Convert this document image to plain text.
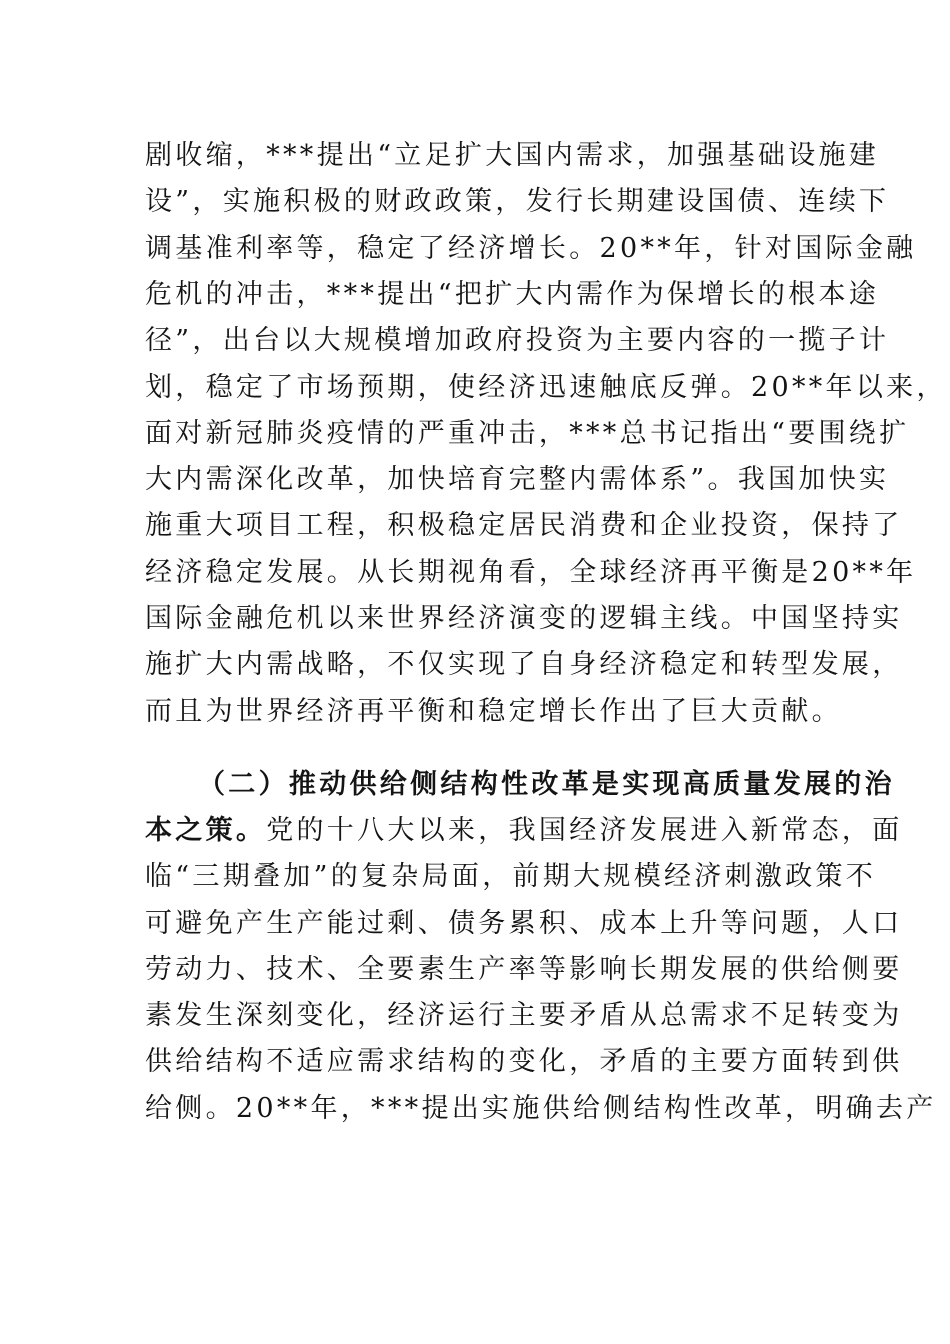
剧收缩，***提出“立足扩大国内需求，加强基础设施建
设”，实施积极的财政政策，发行长期建设国债、连续下
调基准利率等，稳定了经济增长。20**年，针对国际金融
危机的冲击，***提出“把扩大内需作为保增长的根本途
径”，出台以大规模增加政府投资为主要内容的一揽子计
划，稳定了市场预期，使经济迅速触底反弹。20**年以来，
面对新冠肺炎疫情的严重冲击，***总书记指出“要围绕扩
大内需深化改革，加快培育完整内需体系”。我国加快实
施重大项目工程，积极稳定居民消费和企业投资，保持了
经济稳定发展。从长期视角看，全球经济再平衡是20**年
国际金融危机以来世界经济演变的逻辑主线。中国坚持实
施扩大内需战略，不仅实现了自身经济稳定和转型发展，
而且为世界经济再平衡和稳定增长作出了巨大贡献。
（二）推动供给侧结构性改革是实现高质量发展的治
本之策。党的十八大以来，我国经济发展进入新常态，面
临“三期叠加”的复杂局面，前期大规模经济刺激政策不
可避免产生产能过剩、债务累积、成本上升等问题，人口
劳动力、技术、全要素生产率等影响长期发展的供给侧要
素发生深刻变化，经济运行主要矛盾从总需求不足转变为
供给结构不适应需求结构的变化，矛盾的主要方面转到供
给侧。20**年，***提出实施供给侧结构性改革，明确去产
